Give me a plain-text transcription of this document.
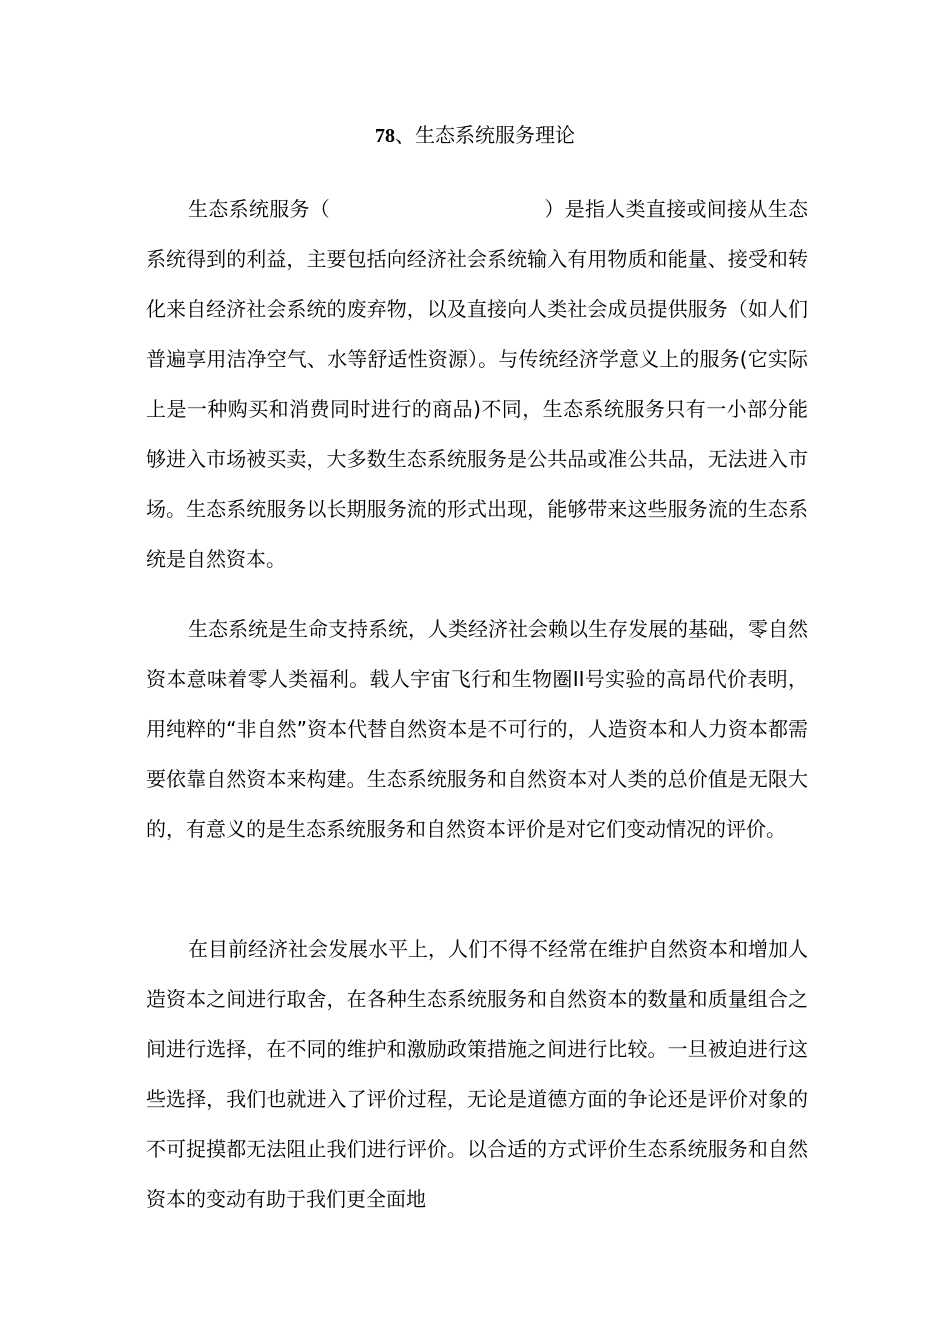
78、生态系统服务理论

生态系统服务（	）是指人类直接或间接从生态系统得到的利益，主要包括向经济社会系统输入有用物质和能量、接受和转化来自经济社会系统的废弃物，以及直接向人类社会成员提供服务（如人们普遍享用洁净空气、水等舒适性资源）。与传统经济学意义上的服务(它实际上是一种购买和消费同时进行的商品)不同，生态系统服务只有一小部分能够进入市场被买卖，大多数生态系统服务是公共品或准公共品，无法进入市场。生态系统服务以长期服务流的形式出现，能够带来这些服务流的生态系统是自然资本。

生态系统是生命支持系统，人类经济社会赖以生存发展的基础，零自然资本意味着零人类福利。载人宇宙飞行和生物圈II号实验的高昂代价表明，用纯粹的“非自然”资本代替自然资本是不可行的，人造资本和人力资本都需要依靠自然资本来构建。生态系统服务和自然资本对人类的总价值是无限大的，有意义的是生态系统服务和自然资本评价是对它们变动情况的评价。

在目前经济社会发展水平上，人们不得不经常在维护自然资本和增加人造资本之间进行取舍，在各种生态系统服务和自然资本的数量和质量组合之间进行选择，在不同的维护和激励政策措施之间进行比较。一旦被迫进行这些选择，我们也就进入了评价过程，无论是道德方面的争论还是评价对象的不可捉摸都无法阻止我们进行评价。以合适的方式评价生态系统服务和自然资本的变动有助于我们更全面地
